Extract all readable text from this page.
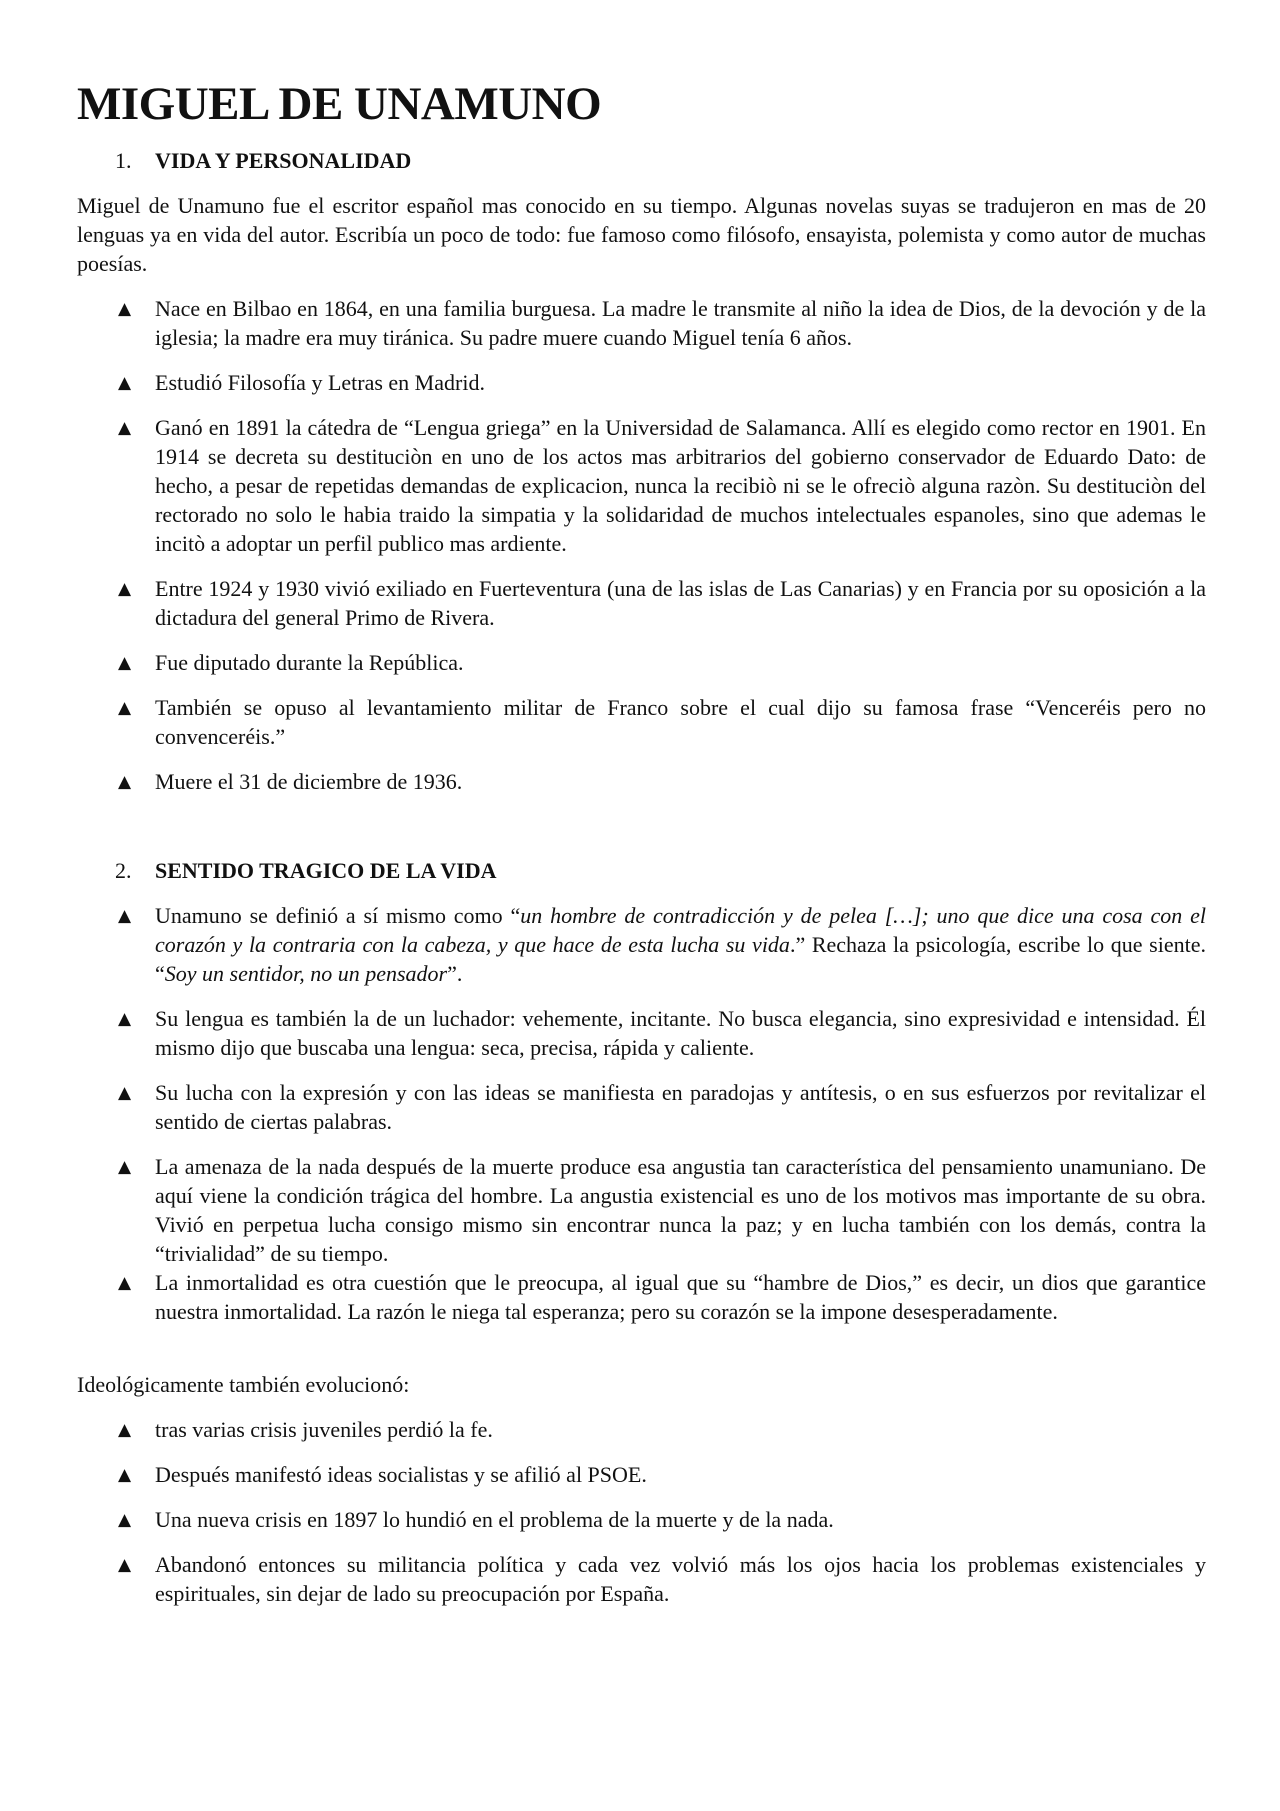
MIGUEL DE UNAMUNO
1.	VIDA Y PERSONALIDAD

Miguel de Unamuno fue el escritor español mas conocido en su tiempo. Algunas novelas suyas se tradujeron en mas de 20 lenguas ya en vida del autor. Escribía un poco de todo: fue famoso como filósofo, ensayista, polemista y como autor de muchas poesías.

▲ Nace en Bilbao en 1864, en una familia burguesa. La madre le transmite al niño la idea de Dios, de la devoción y de la iglesia; la madre era muy tiránica. Su padre muere cuando Miguel tenía 6 años.
▲ Estudió Filosofía y Letras en Madrid.
▲ Ganó en 1891 la cátedra de “Lengua griega” en la Universidad de Salamanca. Allí es elegido como rector en 1901. En 1914 se decreta su destituciòn en uno de los actos mas arbitrarios del gobierno conservador de Eduardo Dato: de hecho, a pesar de repetidas demandas de explicacion, nunca la recibiò ni se le ofreciò alguna razòn. Su destituciòn del rectorado no solo le habia traido la simpatia y la solidaridad de muchos intelectuales espanoles, sino que ademas le incitò a adoptar un perfil publico mas ardiente.
▲ Entre 1924 y 1930 vivió exiliado en Fuerteventura (una de las islas de Las Canarias) y en Francia por su oposición a la dictadura del general Primo de Rivera.
▲ Fue diputado durante la República.
▲ También se opuso al levantamiento militar de Franco sobre el cual dijo su famosa frase “Venceréis pero no convenceréis.”
▲ Muere el 31 de diciembre de 1936.
2.	SENTIDO TRAGICO DE LA VIDA
▲ Unamuno se definió a sí mismo como “un hombre de contradicción y de pelea […]; uno que dice una cosa con el corazón y la contraria con la cabeza, y que hace de esta lucha su vida.” Rechaza la psicología, escribe lo que siente. “Soy un sentidor, no un pensador”.
▲ Su lengua es también la de un luchador: vehemente, incitante. No busca elegancia, sino expresividad e intensidad. Él mismo dijo que buscaba una lengua: seca, precisa, rápida y caliente.
▲ Su lucha con la expresión y con las ideas se manifiesta en paradojas y antítesis, o en sus esfuerzos por revitalizar el sentido de ciertas palabras.
▲ La amenaza de la nada después de la muerte produce esa angustia tan característica del pensamiento unamuniano. De aquí viene la condición trágica del hombre. La angustia existencial es uno de los motivos mas importante de su obra. Vivió en perpetua lucha consigo mismo sin encontrar nunca la paz; y en lucha también con los demás, contra la “trivialidad” de su tiempo.
▲ La inmortalidad es otra cuestión que le preocupa, al igual que su “hambre de Dios,” es decir, un dios que garantice nuestra inmortalidad. La razón le niega tal esperanza; pero su corazón se la impone desesperadamente.

Ideológicamente también evolucionó:

▲ tras varias crisis juveniles perdió la fe.
▲ Después manifestó ideas socialistas y se afilió al PSOE.
▲ Una nueva crisis en 1897 lo hundió en el problema de la muerte y de la nada.
▲ Abandonó entonces su militancia política y cada vez volvió más los ojos hacia los problemas existenciales y espirituales, sin dejar de lado su preocupación por España.
